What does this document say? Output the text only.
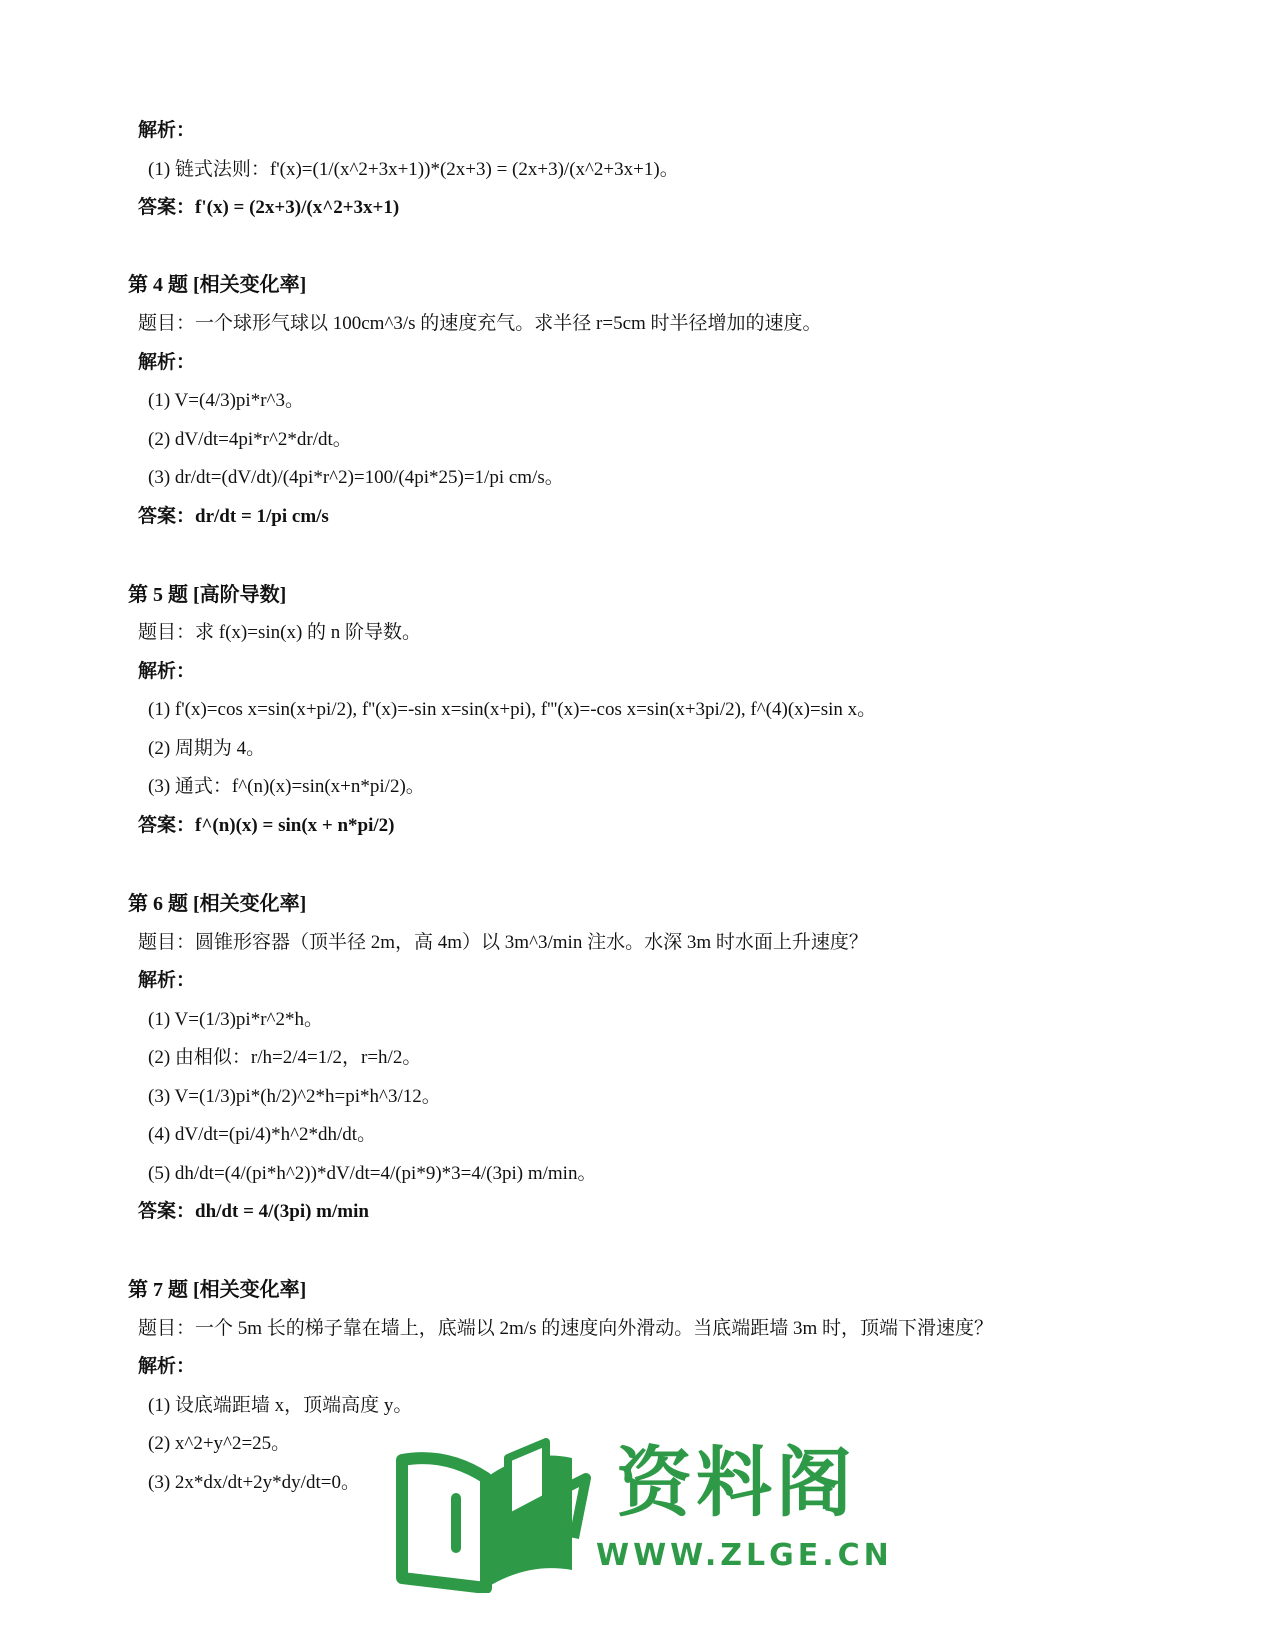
解析：
(1) 链式法则：f'(x)=(1/(x^2+3x+1))*(2x+3) = (2x+3)/(x^2+3x+1)。
答案：f'(x) = (2x+3)/(x^2+3x+1)
第 4 题 [相关变化率]
题目：一个球形气球以 100cm^3/s 的速度充气。求半径 r=5cm 时半径增加的速度。
解析：
(1) V=(4/3)pi*r^3。
(2) dV/dt=4pi*r^2*dr/dt。
(3) dr/dt=(dV/dt)/(4pi*r^2)=100/(4pi*25)=1/pi cm/s。
答案：dr/dt = 1/pi cm/s
第 5 题 [高阶导数]
题目：求 f(x)=sin(x) 的 n 阶导数。
解析：
(1) f'(x)=cos x=sin(x+pi/2), f''(x)=-sin x=sin(x+pi), f'''(x)=-cos x=sin(x+3pi/2), f^(4)(x)=sin x。
(2) 周期为 4。
(3) 通式：f^(n)(x)=sin(x+n*pi/2)。
答案：f^(n)(x) = sin(x + n*pi/2)
第 6 题 [相关变化率]
题目：圆锥形容器（顶半径 2m，高 4m）以 3m^3/min 注水。水深 3m 时水面上升速度？
解析：
(1) V=(1/3)pi*r^2*h。
(2) 由相似：r/h=2/4=1/2，r=h/2。
(3) V=(1/3)pi*(h/2)^2*h=pi*h^3/12。
(4) dV/dt=(pi/4)*h^2*dh/dt。
(5) dh/dt=(4/(pi*h^2))*dV/dt=4/(pi*9)*3=4/(3pi) m/min。
答案：dh/dt = 4/(3pi) m/min
第 7 题 [相关变化率]
题目：一个 5m 长的梯子靠在墙上，底端以 2m/s 的速度向外滑动。当底端距墙 3m 时，顶端下滑速度？
解析：
(1) 设底端距墙 x，顶端高度 y。
(2) x^2+y^2=25。
(3) 2x*dx/dt+2y*dy/dt=0。	资料阁
WWW.ZLGE.CN
